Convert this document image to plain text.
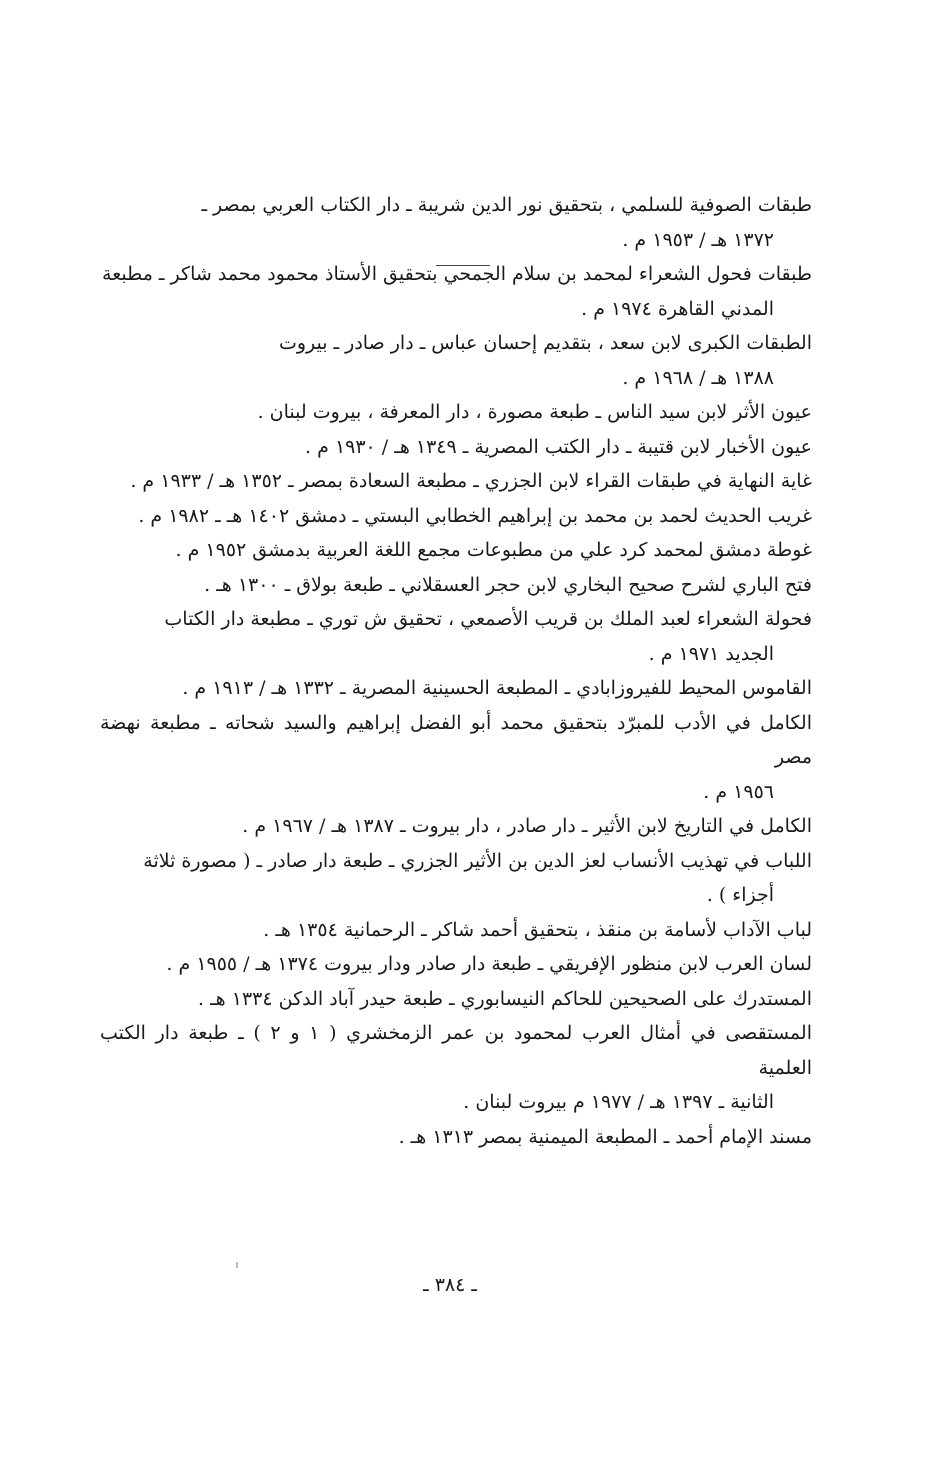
طبقات الصوفية للسلمي ، بتحقيق نور الدين شريبة ـ دار الكتاب العربي بمصر ـ
١٣٧٢ هـ / ١٩٥٣ م .
طبقات فحول الشعراء لمحمد بن سلام الجمحي بتحقيق الأستاذ محمود محمد شاكر ـ مطبعة
المدني القاهرة ١٩٧٤ م .
الطبقات الكبرى لابن سعد ، بتقديم إحسان عباس ـ دار صادر ـ بيروت
١٣٨٨ هـ / ١٩٦٨ م .
عيون الأثر لابن سيد الناس ـ طبعة مصورة ، دار المعرفة ، بيروت لبنان .
عيون الأخبار لابن قتيبة ـ دار الكتب المصرية ـ ١٣٤٩ هـ / ١٩٣٠ م .
غاية النهاية في طبقات القراء لابن الجزري ـ مطبعة السعادة بمصر ـ ١٣٥٢ هـ / ١٩٣٣ م .
غريب الحديث لحمد بن محمد بن إبراهيم الخطابي البستي ـ دمشق ١٤٠٢ هـ ـ ١٩٨٢ م .
غوطة دمشق لمحمد كرد علي من مطبوعات مجمع اللغة العربية بدمشق ١٩٥٢ م .
فتح الباري لشرح صحيح البخاري لابن حجر العسقلاني ـ طبعة بولاق ـ ١٣٠٠ هـ .
فحولة الشعراء لعبد الملك بن قريب الأصمعي ، تحقيق ش توري ـ مطبعة دار الكتاب
الجديد ١٩٧١ م .
القاموس المحيط للفيروزابادي ـ المطبعة الحسينية المصرية ـ ١٣٣٢ هـ / ١٩١٣ م .
الكامل في الأدب للمبرّد بتحقيق محمد أبو الفضل إبراهيم والسيد شحاته ـ مطبعة نهضة مصر
١٩٥٦ م .
الكامل في التاريخ لابن الأثير ـ دار صادر ، دار بيروت ـ ١٣٨٧ هـ / ١٩٦٧ م .
اللباب في تهذيب الأنساب لعز الدين بن الأثير الجزري ـ طبعة دار صادر ـ ( مصورة ثلاثة
أجزاء ) .
لباب الآداب لأسامة بن منقذ ، بتحقيق أحمد شاكر ـ الرحمانية ١٣٥٤ هـ .
لسان العرب لابن منظور الإفريقي ـ طبعة دار صادر ودار بيروت ١٣٧٤ هـ / ١٩٥٥ م .
المستدرك على الصحيحين للحاكم النيسابوري ـ طبعة حيدر آباد الدكن ١٣٣٤ هـ .
المستقصى في أمثال العرب لمحمود بن عمر الزمخشري ( ١ و ٢ ) ـ طبعة دار الكتب العلمية
الثانية ـ ١٣٩٧ هـ / ١٩٧٧ م بيروت لبنان .
مسند الإمام أحمد ـ المطبعة الميمنية بمصر ١٣١٣ هـ .
ـ ٣٨٤ ـ
